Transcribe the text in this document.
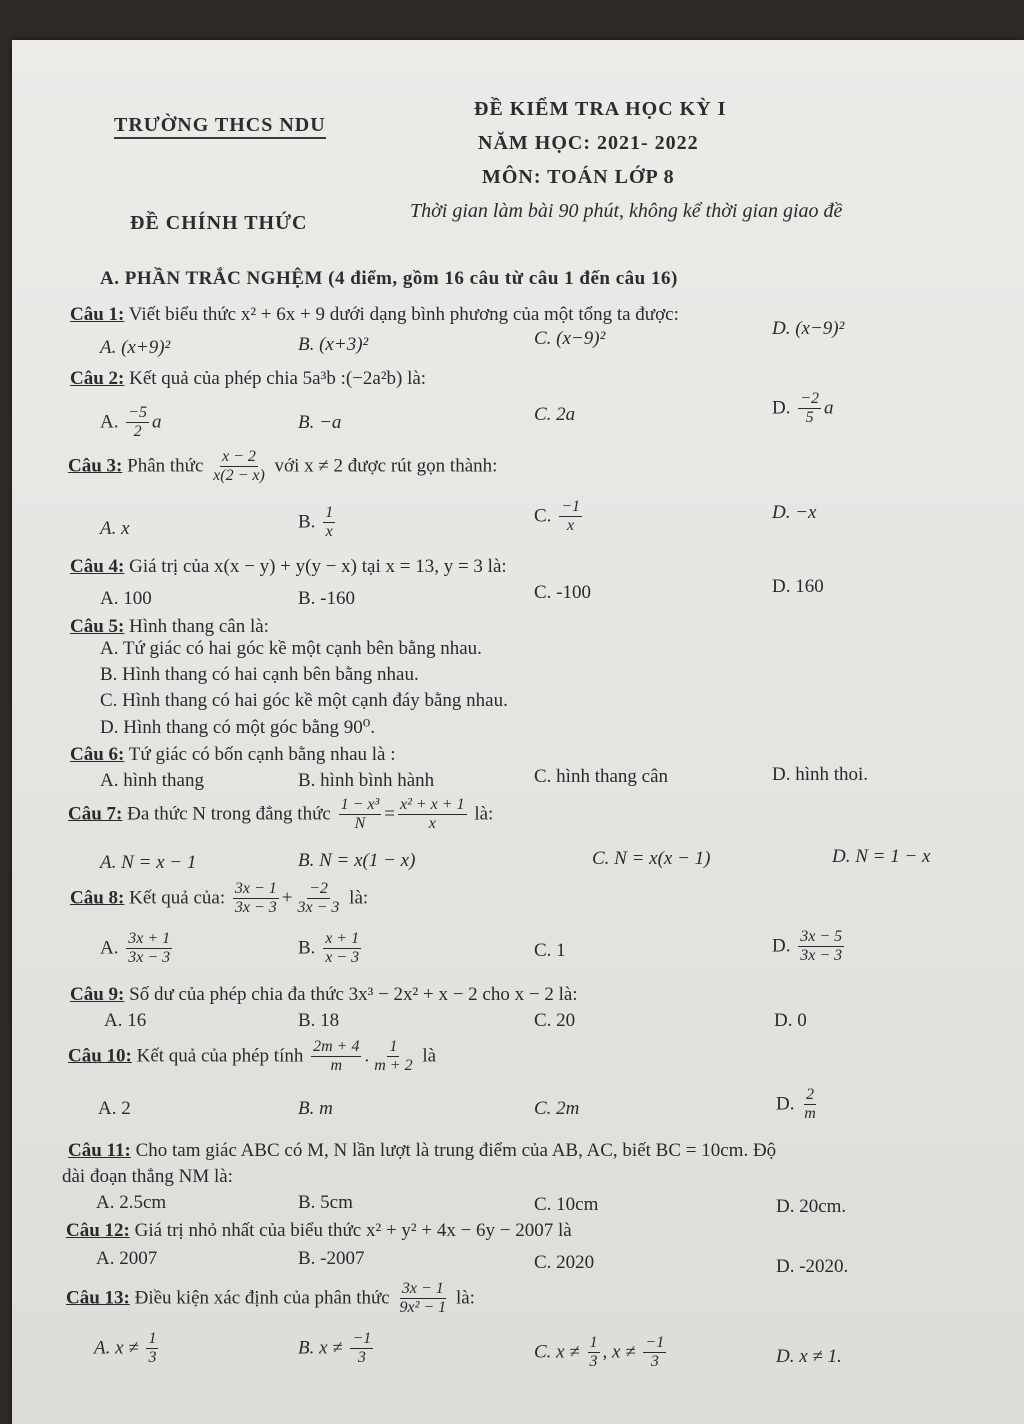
TRƯỜNG THCS NDU
ĐỀ KIỂM TRA HỌC KỲ I
NĂM HỌC: 2021- 2022
MÔN: TOÁN LỚP 8
ĐỀ CHÍNH THỨC
Thời gian làm bài 90 phút, không kể thời gian giao đề
A. PHẦN TRẮC NGHỆM (4 điểm, gồm 16 câu từ câu 1 đến câu 16)
Câu 1: Viết biểu thức x² + 6x + 9 dưới dạng bình phương của một tổng ta được:
A. (x+9)²	B. (x+3)²	C. (x−9)²	D. (x−9)²
Câu 2: Kết quả của phép chia 5a³b :(−2a²b) là:
A. $\frac{-5}{2}$ a	B. −a	C. 2a	D. $\frac{-2}{5}$ a
Câu 3: Phân thức $\frac{x - 2}{x(2 - x)}$ với x ≠ 2 được rút gọn thành:
A. x	B. $\frac{1}{x}$	C. $\frac{-1}{x}$	D. −x
Câu 4: Giá trị của x(x − y) + y(y − x) tại x = 13, y = 3 là:
A. 100	B. -160	C. -100	D. 160
Câu 5: Hình thang cân là:
A. Tứ giác có hai góc kề một cạnh bên bằng nhau.
B. Hình thang có hai cạnh bên bằng nhau.
C. Hình thang có hai góc kề một cạnh đáy bằng nhau.
D. Hình thang có một góc bằng 90⁰.
Câu 6: Tứ giác có bốn cạnh bằng nhau là :
A. hình thang	B. hình bình hành	C. hình thang cân	D. hình thoi.
Câu 7: Đa thức N trong đẳng thức $\frac{\text{1 − x³}}{N} = \frac{\text{x² + x + 1}}{x}$ là:
A. N = x − 1	B. N = x(1 − x)	C. N = x(x − 1)	D. N = 1 − x
Câu 8: Kết quả của: $\frac{3x - 1}{3x - 3} + \frac{-2}{3x - 3}$ là:
A. $\frac{3x + 1}{3x - 3}$	B. $\frac{x + 1}{x - 3}$	C. 1	D. $\frac{3x - 5}{3x - 3}$
Câu 9: Số dư của phép chia đa thức 3x³ − 2x² + x − 2 cho x − 2 là:
A. 16	B. 18	C. 20	D. 0
Câu 10: Kết quả của phép tính $\frac{2m + 4}{m}$ . $\frac{1}{m + 2}$ là
A. 2	B. m	C. 2m	D. $\frac{2}{m}$
Câu 11: Cho tam giác ABC có M, N lần lượt là trung điểm của AB, AC, biết BC = 10cm. Độ
dài đoạn thẳng NM là:
A. 2.5cm	B. 5cm	C. 10cm	D. 20cm.
Câu 12: Giá trị nhỏ nhất của biểu thức x² + y² + 4x − 6y − 2007 là
A. 2007	B. -2007	C. 2020	D. -2020.
Câu 13: Điều kiện xác định của phân thức $\frac{3x - 1}{\text{9x² − 1}}$ là:
A. $x \ne \frac{1}{3}$	B. $x \ne \frac{-1}{3}$	C. $x \ne \frac{1}{3}$ , $x \ne \frac{-1}{3}$	D. x ≠ 1.
